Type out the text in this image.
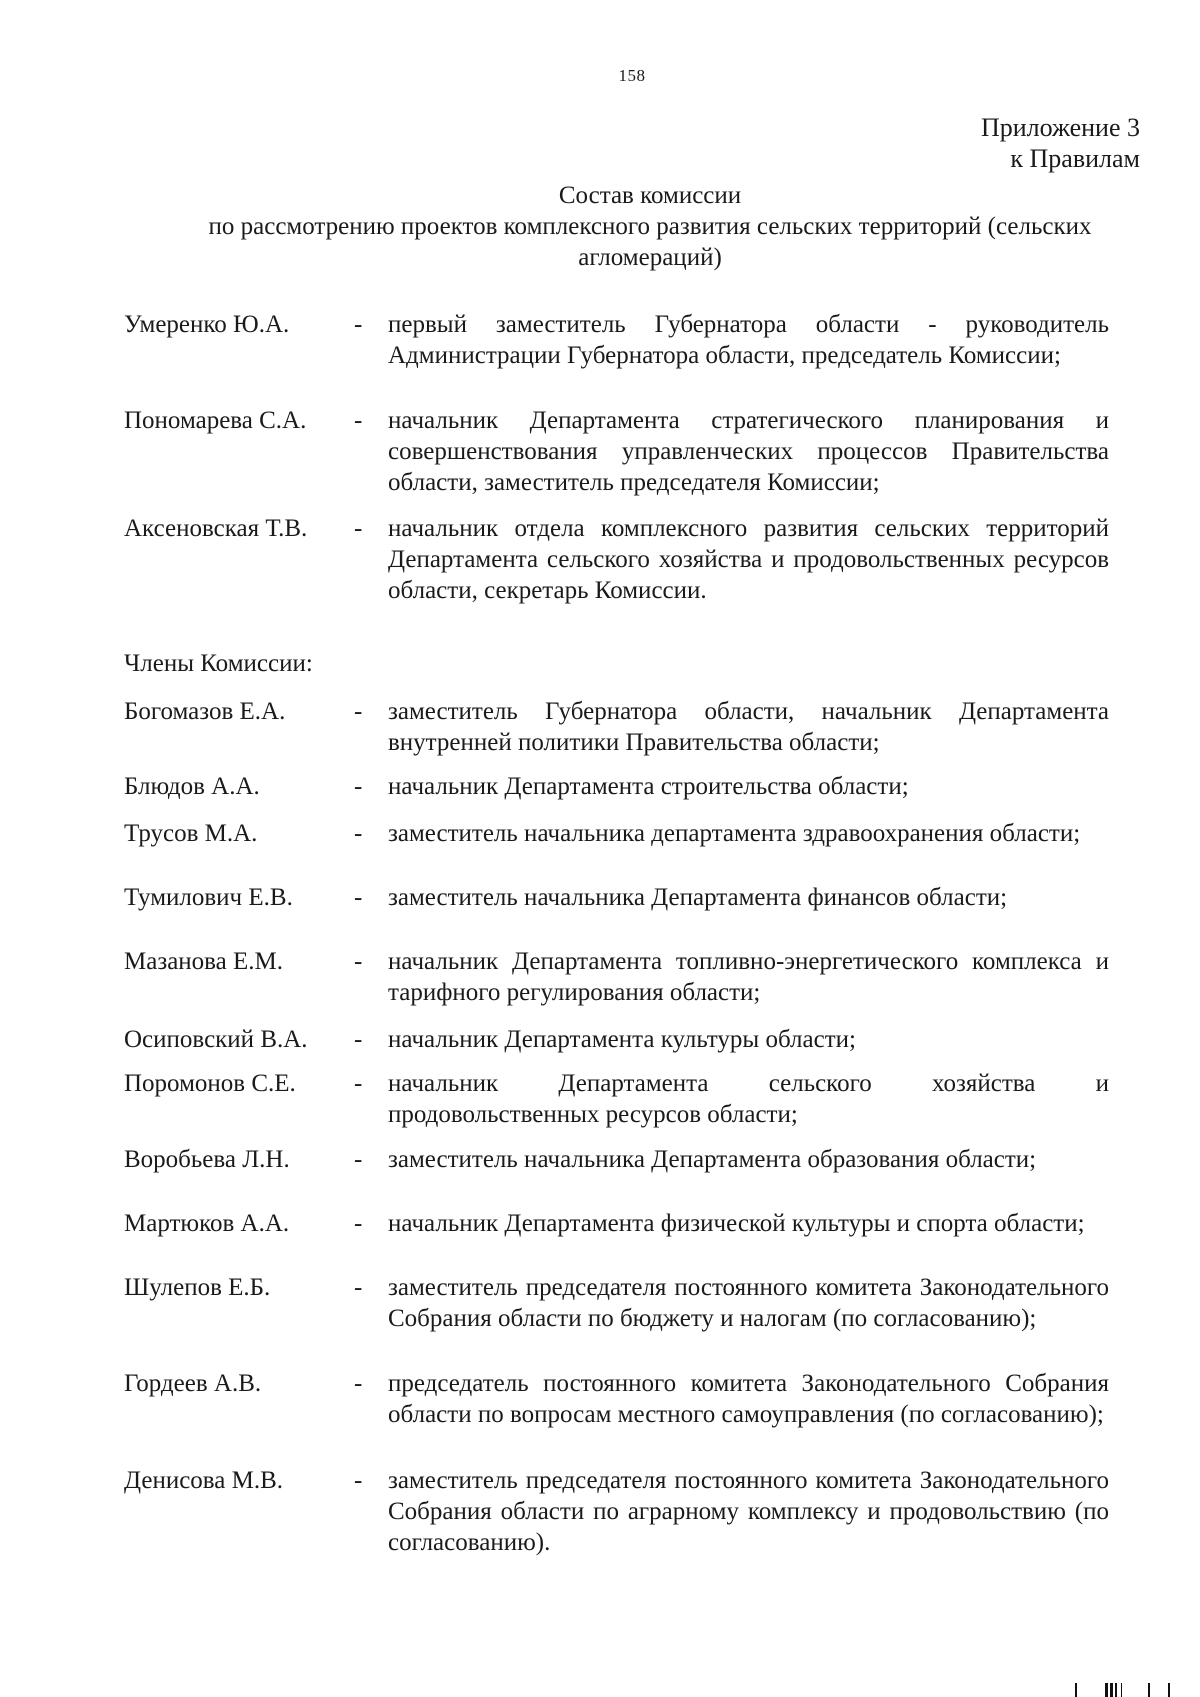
158
Приложение 3
к Правилам
Состав комиссии
по рассмотрению проектов комплексного развития сельских территорий (сельских
агломераций)
Умеренко Ю.А.	-	первый заместитель Губернатора области - руководитель Администрации Губернатора области, председатель Комиссии;
Пономарева С.А.	-	начальник Департамента стратегического планирования и совершенствования управленческих процессов Правительства области, заместитель председателя Комиссии;
Аксеновская Т.В.	-	начальник отдела комплексного развития сельских территорий Департамента сельского хозяйства и продовольственных ресурсов области, секретарь Комиссии.
Члены Комиссии:
Богомазов Е.А.	-	заместитель Губернатора области, начальник Департамента внутренней политики Правительства области;
Блюдов А.А.	-	начальник Департамента строительства области;
Трусов М.А.	-	заместитель начальника департамента здравоохранения области;
Тумилович Е.В.	-	заместитель начальника Департамента финансов области;
Мазанова Е.М.	-	начальник Департамента топливно-энергетического комплекса и тарифного регулирования области;
Осиповский В.А.	-	начальник Департамента культуры области;
Поромонов С.Е.	-	начальник Департамента сельского хозяйства и продовольственных ресурсов области;
Воробьева Л.Н.	-	заместитель начальника Департамента образования области;
Мартюков А.А.	-	начальник Департамента физической культуры и спорта области;
Шулепов Е.Б.	-	заместитель председателя постоянного комитета Законодательного Собрания области по бюджету и налогам (по согласованию);
Гордеев А.В.	-	председатель постоянного комитета Законодательного Собрания области по вопросам местного самоуправления (по согласованию);
Денисова М.В.	-	заместитель председателя постоянного комитета Законодательного Собрания области по аграрному комплексу и продовольствию (по согласованию).
